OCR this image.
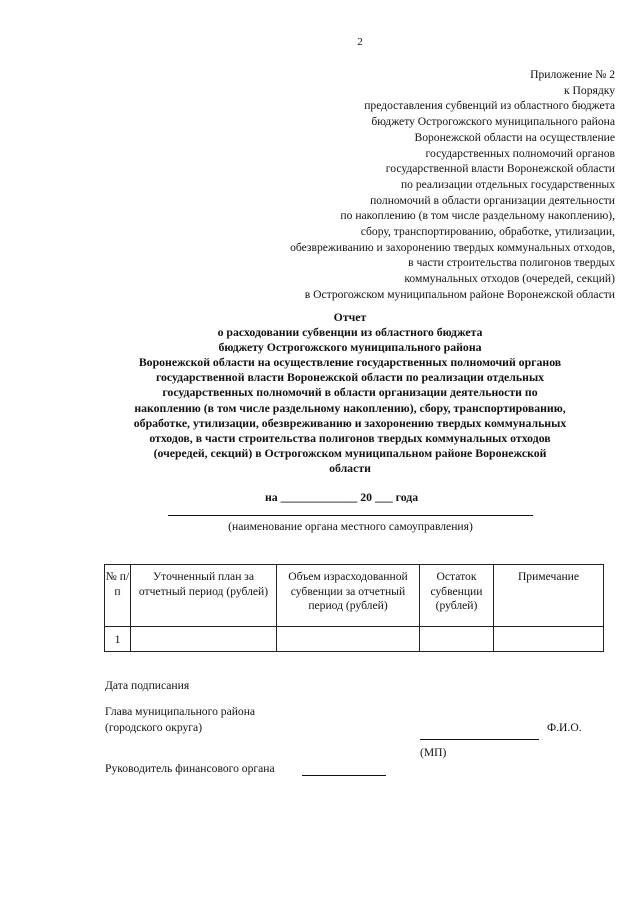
2
Приложение № 2
к Порядку
предоставления субвенций из областного бюджета
бюджету Острогожского муниципального района
Воронежской области на осуществление
государственных полномочий органов
государственной власти Воронежской области
по реализации отдельных государственных
полномочий в области организации деятельности
по накоплению (в том числе раздельному накоплению),
сбору, транспортированию, обработке, утилизации,
обезвреживанию и захоронению твердых коммунальных отходов,
в части строительства полигонов твердых
коммунальных отходов (очередей, секций)
в Острогожском муниципальном районе Воронежской области
Отчет
о расходовании субвенции из областного бюджета
бюджету Острогожского муниципального района
Воронежской области на осуществление государственных полномочий органов
государственной власти Воронежской области по реализации отдельных
государственных полномочий в области организации деятельности по
накоплению (в том числе раздельному накоплению), сбору, транспортированию,
обработке, утилизации, обезвреживанию и захоронению твердых коммунальных
отходов, в части строительства полигонов твердых коммунальных отходов
(очередей, секций) в Острогожском муниципальном районе Воронежской
области
на _____________ 20 ___ года
(наименование органа местного самоуправления)
№ п/п	Уточненный план за отчетный период (рублей)	Объем израсходованной субвенции за отчетный период (рублей)	Остаток субвенции (рублей)	Примечание
1				
Дата подписания
Глава муниципального района
(городского округа)	Ф.И.О.
(МП)
Руководитель финансового органа
